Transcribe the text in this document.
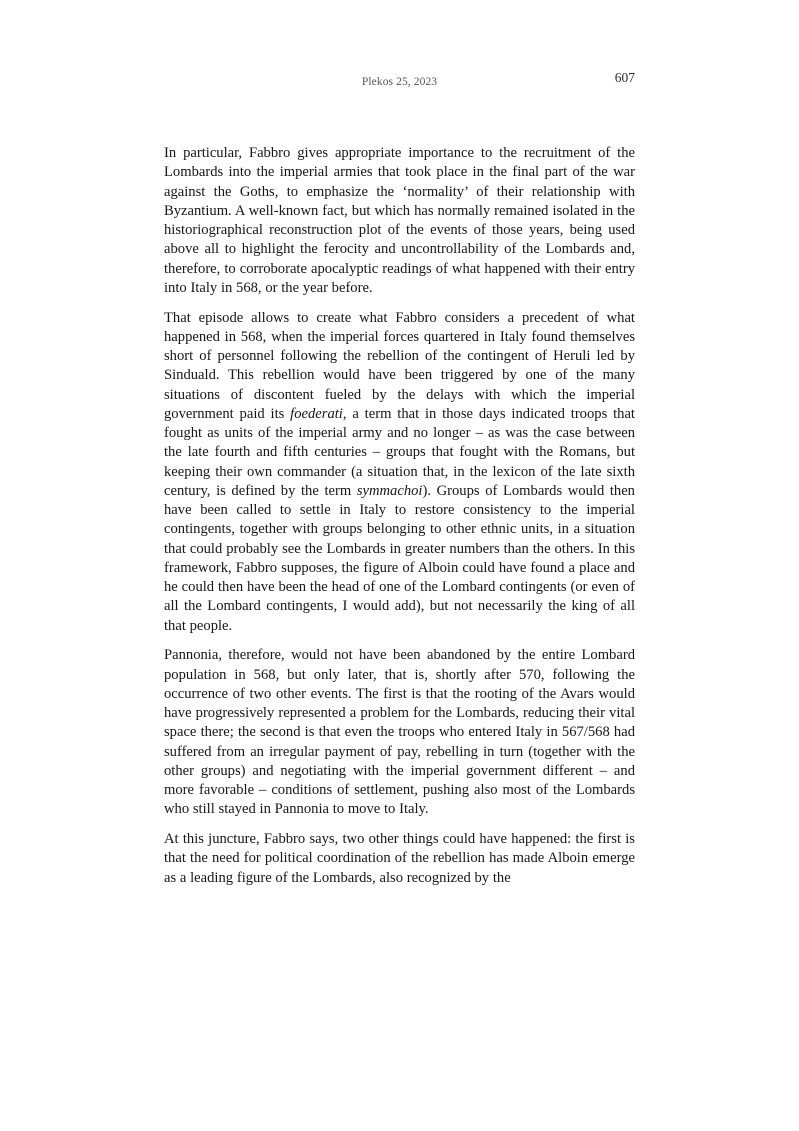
Plekos 25, 2023	607

In particular, Fabbro gives appropriate importance to the recruitment of the Lombards into the imperial armies that took place in the final part of the war against the Goths, to emphasize the ‘normality’ of their relationship with Byzantium. A well-known fact, but which has normally remained isolated in the historiographical reconstruction plot of the events of those years, being used above all to highlight the ferocity and uncontrollability of the Lombards and, therefore, to corroborate apocalyptic readings of what happened with their entry into Italy in 568, or the year before.

That episode allows to create what Fabbro considers a precedent of what happened in 568, when the imperial forces quartered in Italy found themselves short of personnel following the rebellion of the contingent of Heruli led by Sinduald. This rebellion would have been triggered by one of the many situations of discontent fueled by the delays with which the imperial government paid its foederati, a term that in those days indicated troops that fought as units of the imperial army and no longer – as was the case between the late fourth and fifth centuries – groups that fought with the Romans, but keeping their own commander (a situation that, in the lexicon of the late sixth century, is defined by the term symmachoi). Groups of Lombards would then have been called to settle in Italy to restore consistency to the imperial contingents, together with groups belonging to other ethnic units, in a situation that could probably see the Lombards in greater numbers than the others. In this framework, Fabbro supposes, the figure of Alboin could have found a place and he could then have been the head of one of the Lombard contingents (or even of all the Lombard contingents, I would add), but not necessarily the king of all that people.

Pannonia, therefore, would not have been abandoned by the entire Lombard population in 568, but only later, that is, shortly after 570, following the occurrence of two other events. The first is that the rooting of the Avars would have progressively represented a problem for the Lombards, reducing their vital space there; the second is that even the troops who entered Italy in 567/568 had suffered from an irregular payment of pay, rebelling in turn (together with the other groups) and negotiating with the imperial government different – and more favorable – conditions of settlement, pushing also most of the Lombards who still stayed in Pannonia to move to Italy.

At this juncture, Fabbro says, two other things could have happened: the first is that the need for political coordination of the rebellion has made Alboin emerge as a leading figure of the Lombards, also recognized by the
